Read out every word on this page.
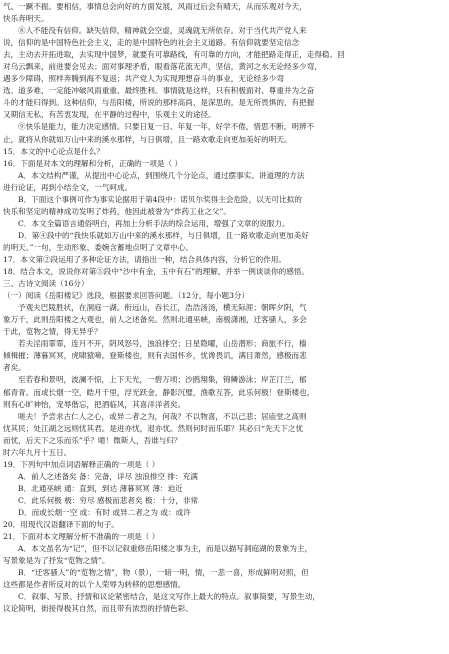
气、一蹶不振。要相信，事情总会向好的方面发展，风雨过后会有晴天，从而乐观对今天，
快乐奔明天。
⑧人不能没有信仰。缺失信仰，精神就会空虚，灵魂就无所依存。对于当代共产党人来
说，信仰的是中国特色社会主义，走的是中国特色的社会主义道路。有信仰就要坚定信念
去，主动去开拓进取，去实现中国梦，就要有可靠路线，有可靠的方向，才能把路走得正，走得稳。回
对乌云飘来，前进要会见去；面对事理矛盾，眼看落花流无声，坚信，黄河之水无论经多少弯，
遇多少障碍，照样奔腾到海不复返；共产党人为实现理想奋斗的事业，无论经多少弯
选、道多难，一定能冲破风雨重重、最终胜利。事情就是这样，只有积极面对、尊重并为之奋
斗的才能归得到。这种信仰，与岳阳楼，所说的那样高尚，是深思的，是无所畏惧的，有把握
又期信无私，有苦衷发现，在平静的过程中，乐观主义的途径。
⑨快乐是能力，能力决定感情。只要日复一日、年复一年，好学不倦，惜思不断，明辨不
止，就将从你就如万山中来的溪水那样，与日俱增，且一路欢歌走向更加美好的明天。
15．本文的中心论点是什么？
16．下面是对本文的理解和分析，正确的一项是（ ）
A．本文结构严谨，从提出中心论点，到围绕几个分论点，通过摆事实、讲道理的方法
进行论证，再到小结全文，一气呵成。
B．下面这个事例可作为事实论据用于第4段中：诺贝尔奖得主会危险，以无可比拟的
快乐和坚定的精神成功发明了炸药，他因此被誉为“炸药工业之父”。
C．本文全篇语言通俗明白，再加上分析手法的综合运用，增强了文章的说服力。
D．第④段中的“我快乐就如万山中来的溪水那样，与日俱增，且一路欢歌走向更加美好
的明天。”一句，生动形象、委婉含蓄地点明了文章中心。
17．本文第②段运用了多种论证方法，请指出一种，结合具体内容，分析它的作用。
18．结合本文，说说你对第⑤段中“沙中有金，玉中有石”的理解，并举一例谈谈你的感悟。
三、古诗文阅读（16分）
（一）阅读《岳阳楼记》选段，根据要求回答问题。（12分，每小题3分）
予观夫巴陵胜状，在洞庭一湖。衔远山，吞长江，浩浩汤汤，横无际涯；朝晖夕阴，气
象万千，此则岳阳楼之大观也，前人之述备矣。然则北通巫峡，南极潇湘，迁客骚人，多会
于此，览物之情，得无异乎？
若夫淫雨霏霏，连月不开，阴风怒号，浊浪排空；日星隐曜，山岳潜形；商旅不行，樯
倾楫摧；薄暮冥冥，虎啸猿啼。登斯楼也，则有去国怀乡，忧谗畏讥，满目萧然，感极而悲
者矣。
至若春和景明，波澜不惊，上下天光，一碧万顷；沙鸥翔集，锦鳞游泳；岸芷汀兰，郁
郁青青。而或长烟一空，皓月千里，浮光跃金，静影沉璧，渔歌互答，此乐何极！登斯楼也，
则有心旷神怡，宠辱偕忘，把酒临风，其喜洋洋者矣。
嗟夫！予尝求古仁人之心，或异二者之为，何哉？不以物喜，不以己悲；居庙堂之高则
忧其民；处江湖之远则忧其君。是进亦忧，退亦忧。然则何时而乐耶？其必曰“先天下之忧
而忧，后天下之乐而乐”乎？噫！微斯人，吾谁与归？
时六年九月十五日。
19．下列句中加点词语解释正确的一项是（ ）
A．前人之述备矣 备：完备，详尽 浊浪排空 排：充满
B．北通巫峡 通：直到，到达 薄暮冥冥 薄：迫近
C．此乐何极 极：穷尽 感极而悲者矣 极：十分，非常
D．而或长烟一空 或：有时 或异二者之为 或：或许
20．用现代汉语翻译下面的句子。
21．下面对本文理解分析不准确的一项是（ ）
A．本文虽名为“记”，但不以记叙重修岳阳楼之事为主，而是以描写洞庭湖的景象为主，
写景象是为了抒发“览物之情”。
B．“迁客骚人”的“览物之情”，物（景），一暗一明，情，一悲一喜，形成鲜明对照，但
这些都是作者所反对的以个人荣辱为转移的思想感情。
C．叙事、写景、抒情和议论紧密结合，是这文写作上最大的特点。叙事简要，写景生动，
议论简明，街接得极其自然，而且带有浓烈的抒情色彩。
